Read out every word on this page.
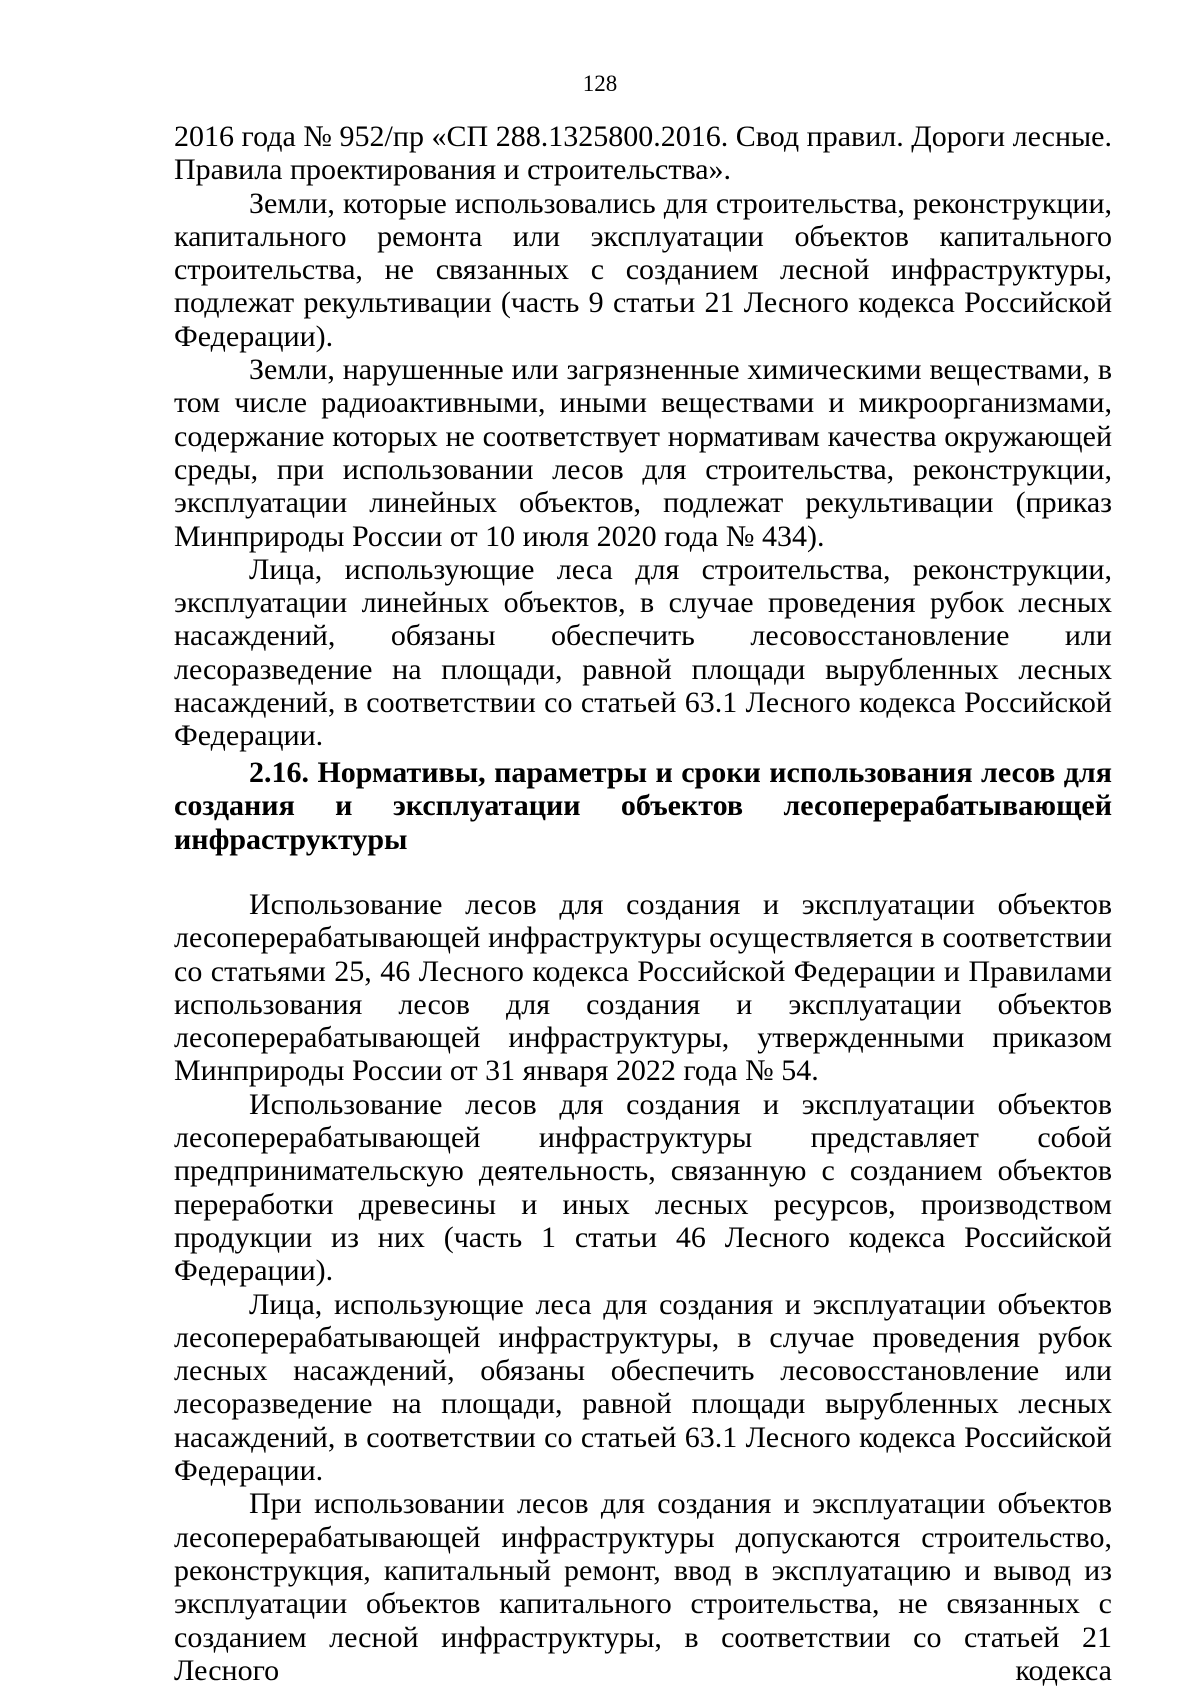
128

2016 года № 952/пр «СП 288.1325800.2016. Свод правил. Дороги лесные. Правила проектирования и строительства».

Земли, которые использовались для строительства, реконструкции, капитального ремонта или эксплуатации объектов капитального строительства, не связанных с созданием лесной инфраструктуры, подлежат рекультивации (часть 9 статьи 21 Лесного кодекса Российской Федерации).

Земли, нарушенные или загрязненные химическими веществами, в том числе радиоактивными, иными веществами и микроорганизмами, содержание которых не соответствует нормативам качества окружающей среды, при использовании лесов для строительства, реконструкции, эксплуатации линейных объектов, подлежат рекультивации (приказ Минприроды России от 10 июля 2020 года № 434).

Лица, использующие леса для строительства, реконструкции, эксплуатации линейных объектов, в случае проведения рубок лесных насаждений, обязаны обеспечить лесовосстановление или лесоразведение на площади, равной площади вырубленных лесных насаждений, в соответствии со статьей 63.1 Лесного кодекса Российской Федерации.

2.16. Нормативы, параметры и сроки использования лесов для создания и эксплуатации объектов лесоперерабатывающей инфраструктуры

Использование лесов для создания и эксплуатации объектов лесоперерабатывающей инфраструктуры осуществляется в соответствии со статьями 25, 46 Лесного кодекса Российской Федерации и Правилами использования лесов для создания и эксплуатации объектов лесоперерабатывающей инфраструктуры, утвержденными приказом Минприроды России от 31 января 2022 года № 54.

Использование лесов для создания и эксплуатации объектов лесоперерабатывающей инфраструктуры представляет собой предпринимательскую деятельность, связанную с созданием объектов переработки древесины и иных лесных ресурсов, производством продукции из них (часть 1 статьи 46 Лесного кодекса Российской Федерации).

Лица, использующие леса для создания и эксплуатации объектов лесоперерабатывающей инфраструктуры, в случае проведения рубок лесных насаждений, обязаны обеспечить лесовосстановление или лесоразведение на площади, равной площади вырубленных лесных насаждений, в соответствии со статьей 63.1 Лесного кодекса Российской Федерации.

При использовании лесов для создания и эксплуатации объектов лесоперерабатывающей инфраструктуры допускаются строительство, реконструкция, капитальный ремонт, ввод в эксплуатацию и вывод из эксплуатации объектов капитального строительства, не связанных с созданием лесной инфраструктуры, в соответствии со статьей 21 Лесного кодекса
